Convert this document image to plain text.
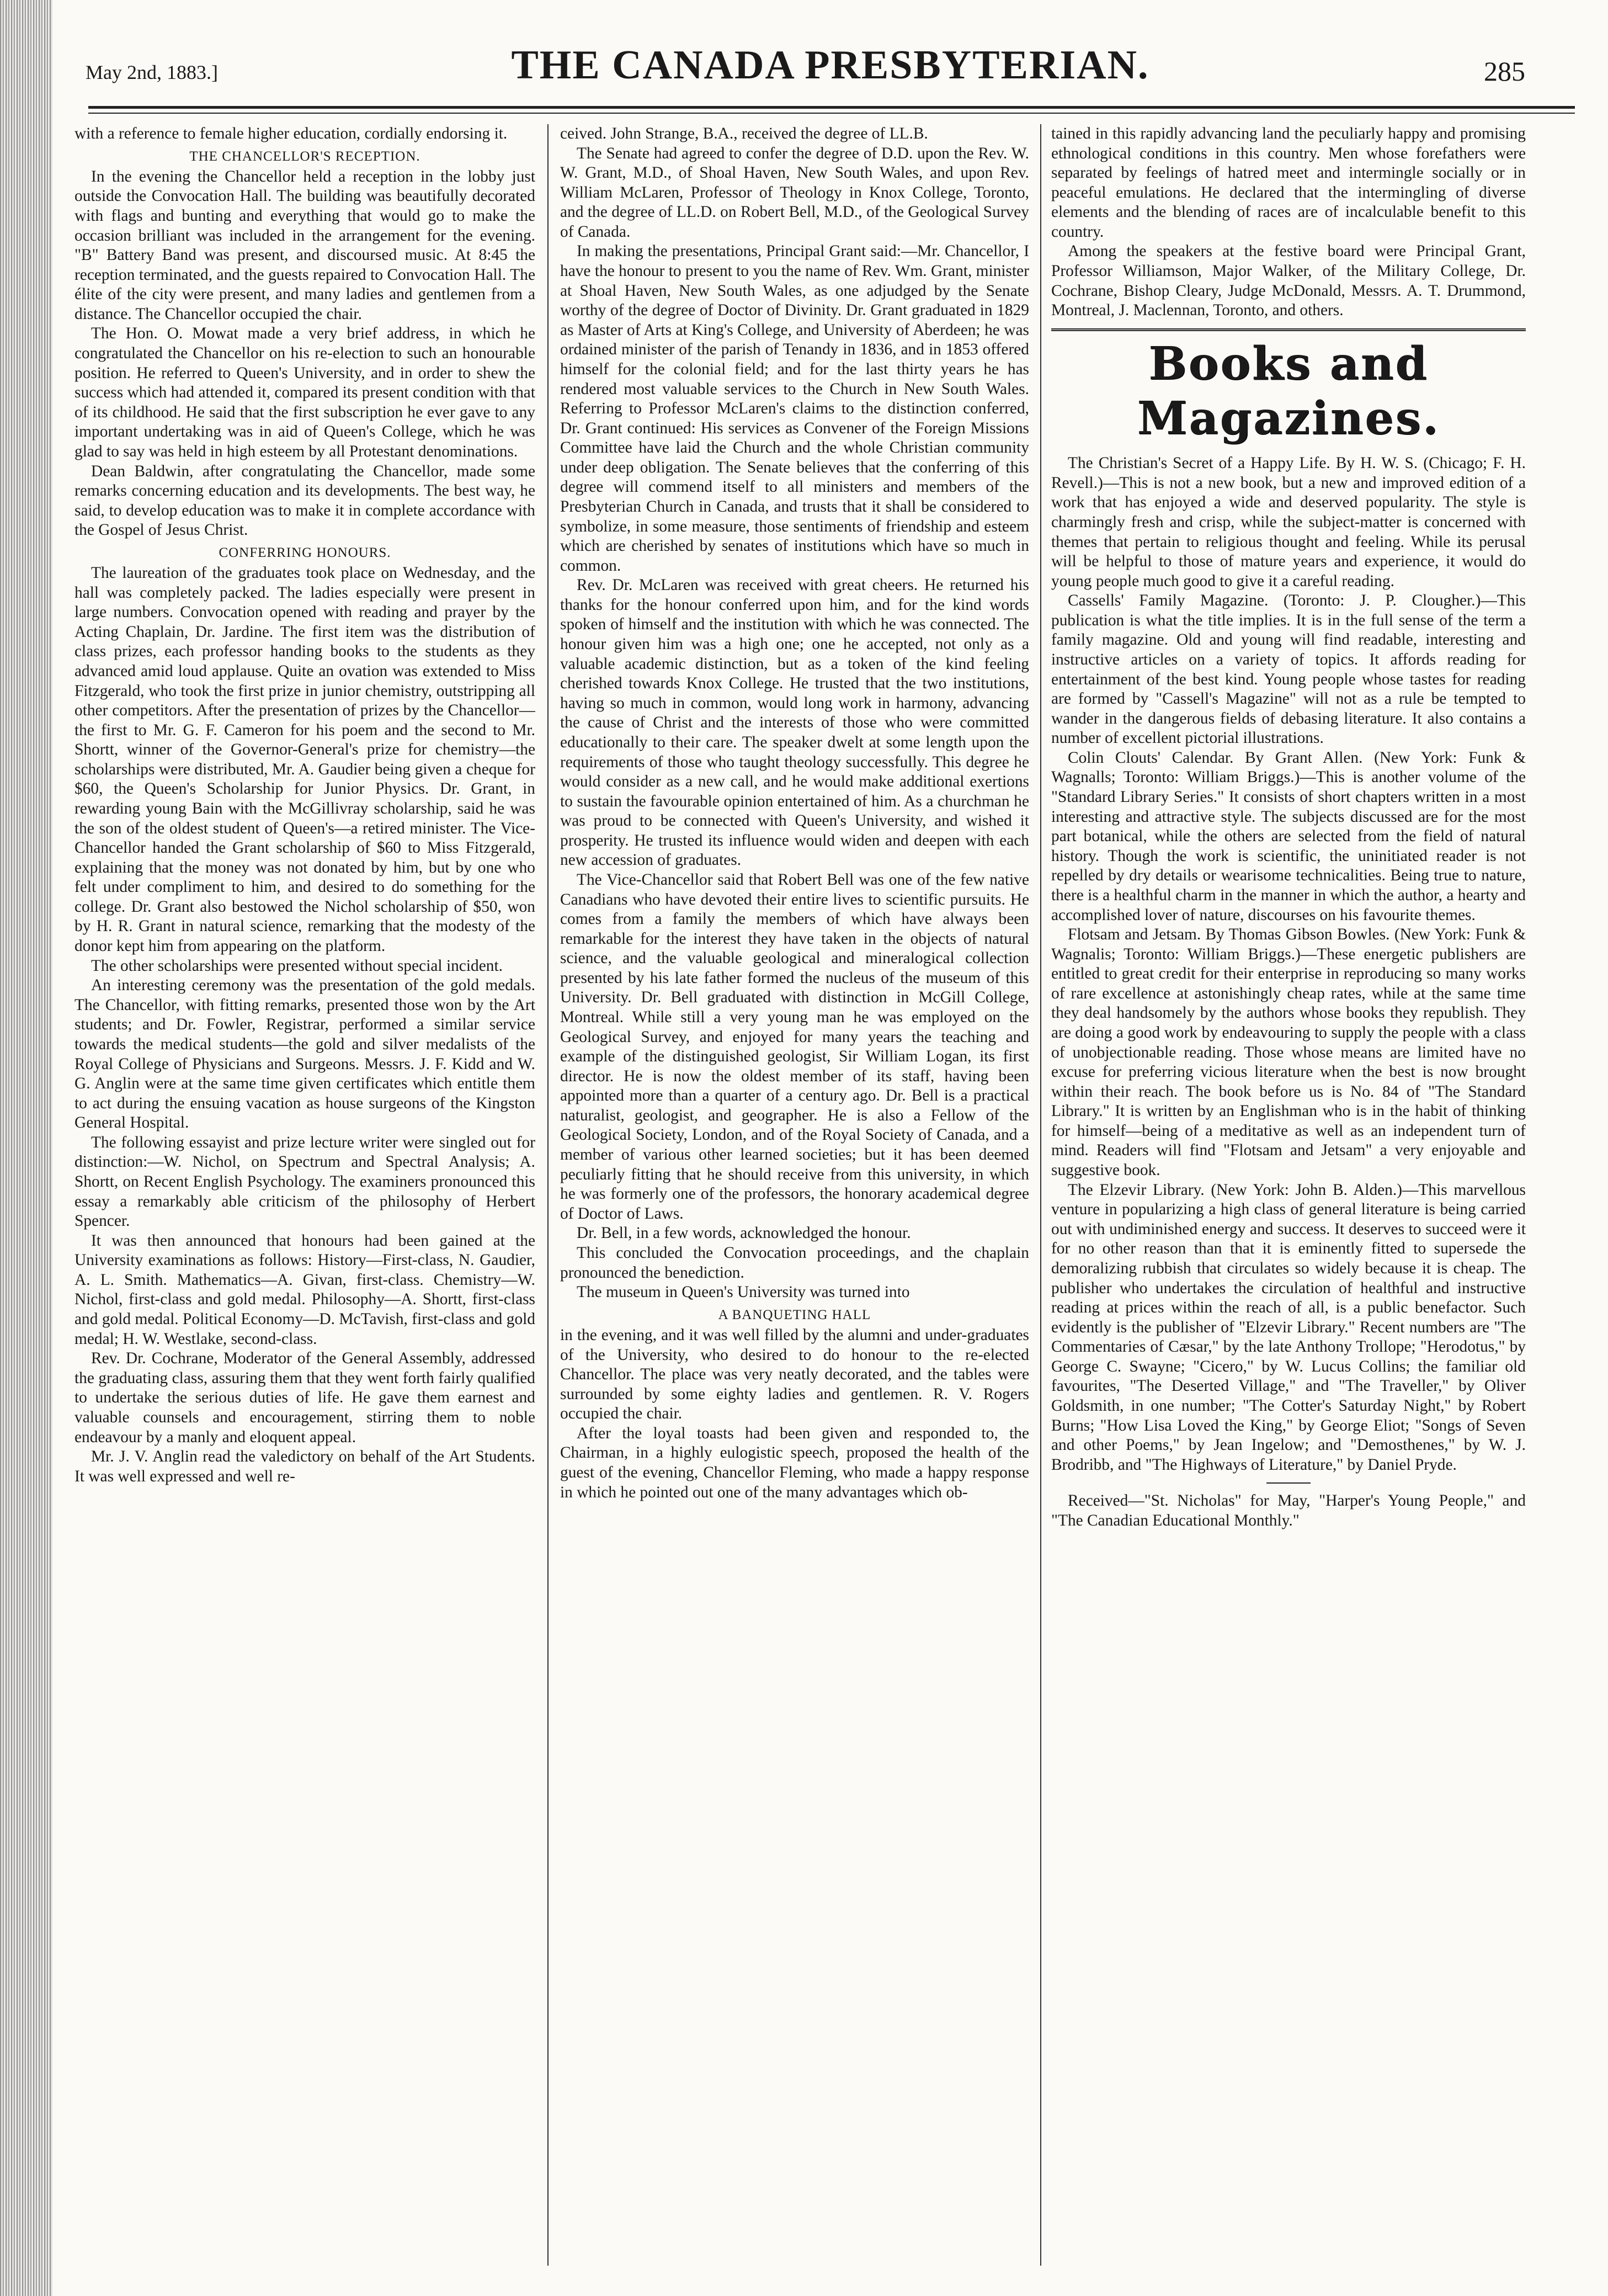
May 2nd, 1883.]	THE CANADA PRESBYTERIAN.	285

with a reference to female higher education, cordially endorsing it.

THE CHANCELLOR'S RECEPTION.

In the evening the Chancellor held a reception in the lobby just outside the Convocation Hall. The building was beautifully decorated with flags and bunting and everything that would go to make the occasion brilliant was included in the arrangement for the evening. "B" Battery Band was present, and discoursed music. At 8:45 the reception terminated, and the guests repaired to Convocation Hall. The élite of the city were present, and many ladies and gentlemen from a distance. The Chancellor occupied the chair.

The Hon. O. Mowat made a very brief address, in which he congratulated the Chancellor on his re-election to such an honourable position. He referred to Queen's University, and in order to shew the success which had attended it, compared its present condition with that of its childhood. He said that the first subscription he ever gave to any important undertaking was in aid of Queen's College, which he was glad to say was held in high esteem by all Protestant denominations.

Dean Baldwin, after congratulating the Chancellor, made some remarks concerning education and its developments. The best way, he said, to develop education was to make it in complete accordance with the Gospel of Jesus Christ.

CONFERRING HONOURS.

The laureation of the graduates took place on Wednesday, and the hall was completely packed. The ladies especially were present in large numbers. Convocation opened with reading and prayer by the Acting Chaplain, Dr. Jardine. The first item was the distribution of class prizes, each professor handing books to the students as they advanced amid loud applause. Quite an ovation was extended to Miss Fitzgerald, who took the first prize in junior chemistry, outstripping all other competitors. After the presentation of prizes by the Chancellor—the first to Mr. G. F. Cameron for his poem and the second to Mr. Shortt, winner of the Governor-General's prize for chemistry—the scholarships were distributed, Mr. A. Gaudier being given a cheque for $60, the Queen's Scholarship for Junior Physics. Dr. Grant, in rewarding young Bain with the McGillivray scholarship, said he was the son of the oldest student of Queen's—a retired minister. The Vice-Chancellor handed the Grant scholarship of $60 to Miss Fitzgerald, explaining that the money was not donated by him, but by one who felt under compliment to him, and desired to do something for the college. Dr. Grant also bestowed the Nichol scholarship of $50, won by H. R. Grant in natural science, remarking that the modesty of the donor kept him from appearing on the platform.

The other scholarships were presented without special incident.

An interesting ceremony was the presentation of the gold medals. The Chancellor, with fitting remarks, presented those won by the Art students; and Dr. Fowler, Registrar, performed a similar service towards the medical students—the gold and silver medalists of the Royal College of Physicians and Surgeons. Messrs. J. F. Kidd and W. G. Anglin were at the same time given certificates which entitle them to act during the ensuing vacation as house surgeons of the Kingston General Hospital.

The following essayist and prize lecture writer were singled out for distinction:—W. Nichol, on Spectrum and Spectral Analysis; A. Shortt, on Recent English Psychology. The examiners pronounced this essay a remarkably able criticism of the philosophy of Herbert Spencer.

It was then announced that honours had been gained at the University examinations as follows: History—First-class, N. Gaudier, A. L. Smith. Mathematics—A. Givan, first-class. Chemistry—W. Nichol, first-class and gold medal. Philosophy—A. Shortt, first-class and gold medal. Political Economy—D. McTavish, first-class and gold medal; H. W. Westlake, second-class.

Rev. Dr. Cochrane, Moderator of the General Assembly, addressed the graduating class, assuring them that they went forth fairly qualified to undertake the serious duties of life. He gave them earnest and valuable counsels and encouragement, stirring them to noble endeavour by a manly and eloquent appeal.

Mr. J. V. Anglin read the valedictory on behalf of the Art Students. It was well expressed and well re-

ceived. John Strange, B.A., received the degree of LL.B.

The Senate had agreed to confer the degree of D.D. upon the Rev. W. W. Grant, M.D., of Shoal Haven, New South Wales, and upon Rev. William McLaren, Professor of Theology in Knox College, Toronto, and the degree of LL.D. on Robert Bell, M.D., of the Geological Survey of Canada.

In making the presentations, Principal Grant said:—Mr. Chancellor, I have the honour to present to you the name of Rev. Wm. Grant, minister at Shoal Haven, New South Wales, as one adjudged by the Senate worthy of the degree of Doctor of Divinity. Dr. Grant graduated in 1829 as Master of Arts at King's College, and University of Aberdeen; he was ordained minister of the parish of Tenandy in 1836, and in 1853 offered himself for the colonial field; and for the last thirty years he has rendered most valuable services to the Church in New South Wales. Referring to Professor McLaren's claims to the distinction conferred, Dr. Grant continued: His services as Convener of the Foreign Missions Committee have laid the Church and the whole Christian community under deep obligation. The Senate believes that the conferring of this degree will commend itself to all ministers and members of the Presbyterian Church in Canada, and trusts that it shall be considered to symbolize, in some measure, those sentiments of friendship and esteem which are cherished by senates of institutions which have so much in common.

Rev. Dr. McLaren was received with great cheers. He returned his thanks for the honour conferred upon him, and for the kind words spoken of himself and the institution with which he was connected. The honour given him was a high one; one he accepted, not only as a valuable academic distinction, but as a token of the kind feeling cherished towards Knox College. He trusted that the two institutions, having so much in common, would long work in harmony, advancing the cause of Christ and the interests of those who were committed educationally to their care. The speaker dwelt at some length upon the requirements of those who taught theology successfully. This degree he would consider as a new call, and he would make additional exertions to sustain the favourable opinion entertained of him. As a churchman he was proud to be connected with Queen's University, and wished it prosperity. He trusted its influence would widen and deepen with each new accession of graduates.

The Vice-Chancellor said that Robert Bell was one of the few native Canadians who have devoted their entire lives to scientific pursuits. He comes from a family the members of which have always been remarkable for the interest they have taken in the objects of natural science, and the valuable geological and mineralogical collection presented by his late father formed the nucleus of the museum of this University. Dr. Bell graduated with distinction in McGill College, Montreal. While still a very young man he was employed on the Geological Survey, and enjoyed for many years the teaching and example of the distinguished geologist, Sir William Logan, its first director. He is now the oldest member of its staff, having been appointed more than a quarter of a century ago. Dr. Bell is a practical naturalist, geologist, and geographer. He is also a Fellow of the Geological Society, London, and of the Royal Society of Canada, and a member of various other learned societies; but it has been deemed peculiarly fitting that he should receive from this university, in which he was formerly one of the professors, the honorary academical degree of Doctor of Laws.

Dr. Bell, in a few words, acknowledged the honour.

This concluded the Convocation proceedings, and the chaplain pronounced the benediction.

The museum in Queen's University was turned into

A BANQUETING HALL

in the evening, and it was well filled by the alumni and under-graduates of the University, who desired to do honour to the re-elected Chancellor. The place was very neatly decorated, and the tables were surrounded by some eighty ladies and gentlemen. R. V. Rogers occupied the chair.

After the loyal toasts had been given and responded to, the Chairman, in a highly eulogistic speech, proposed the health of the guest of the evening, Chancellor Fleming, who made a happy response in which he pointed out one of the many advantages which ob-

tained in this rapidly advancing land the peculiarly happy and promising ethnological conditions in this country. Men whose forefathers were separated by feelings of hatred meet and intermingle socially or in peaceful emulations. He declared that the intermingling of diverse elements and the blending of races are of incalculable benefit to this country.

Among the speakers at the festive board were Principal Grant, Professor Williamson, Major Walker, of the Military College, Dr. Cochrane, Bishop Cleary, Judge McDonald, Messrs. A. T. Drummond, Montreal, J. Maclennan, Toronto, and others.

Books and Magazines.

The Christian's Secret of a Happy Life. By H. W. S. (Chicago; F. H. Revell.)—This is not a new book, but a new and improved edition of a work that has enjoyed a wide and deserved popularity. The style is charmingly fresh and crisp, while the subject-matter is concerned with themes that pertain to religious thought and feeling. While its perusal will be helpful to those of mature years and experience, it would do young people much good to give it a careful reading.

Cassells' Family Magazine. (Toronto: J. P. Clougher.)—This publication is what the title implies. It is in the full sense of the term a family magazine. Old and young will find readable, interesting and instructive articles on a variety of topics. It affords reading for entertainment of the best kind. Young people whose tastes for reading are formed by "Cassell's Magazine" will not as a rule be tempted to wander in the dangerous fields of debasing literature. It also contains a number of excellent pictorial illustrations.

Colin Clouts' Calendar. By Grant Allen. (New York: Funk & Wagnalls; Toronto: William Briggs.)—This is another volume of the "Standard Library Series." It consists of short chapters written in a most interesting and attractive style. The subjects discussed are for the most part botanical, while the others are selected from the field of natural history. Though the work is scientific, the uninitiated reader is not repelled by dry details or wearisome technicalities. Being true to nature, there is a healthful charm in the manner in which the author, a hearty and accomplished lover of nature, discourses on his favourite themes.

Flotsam and Jetsam. By Thomas Gibson Bowles. (New York: Funk & Wagnalis; Toronto: William Briggs.)—These energetic publishers are entitled to great credit for their enterprise in reproducing so many works of rare excellence at astonishingly cheap rates, while at the same time they deal handsomely by the authors whose books they republish. They are doing a good work by endeavouring to supply the people with a class of unobjectionable reading. Those whose means are limited have no excuse for preferring vicious literature when the best is now brought within their reach. The book before us is No. 84 of "The Standard Library." It is written by an Englishman who is in the habit of thinking for himself—being of a meditative as well as an independent turn of mind. Readers will find "Flotsam and Jetsam" a very enjoyable and suggestive book.

The Elzevir Library. (New York: John B. Alden.)—This marvellous venture in popularizing a high class of general literature is being carried out with undiminished energy and success. It deserves to succeed were it for no other reason than that it is eminently fitted to supersede the demoralizing rubbish that circulates so widely because it is cheap. The publisher who undertakes the circulation of healthful and instructive reading at prices within the reach of all, is a public benefactor. Such evidently is the publisher of "Elzevir Library." Recent numbers are "The Commentaries of Cæsar," by the late Anthony Trollope; "Herodotus," by George C. Swayne; "Cicero," by W. Lucus Collins; the familiar old favourites, "The Deserted Village," and "The Traveller," by Oliver Goldsmith, in one number; "The Cotter's Saturday Night," by Robert Burns; "How Lisa Loved the King," by George Eliot; "Songs of Seven and other Poems," by Jean Ingelow; and "Demosthenes," by W. J. Brodribb, and "The Highways of Literature," by Daniel Pryde.

Received—"St. Nicholas" for May, "Harper's Young People," and "The Canadian Educational Monthly."
